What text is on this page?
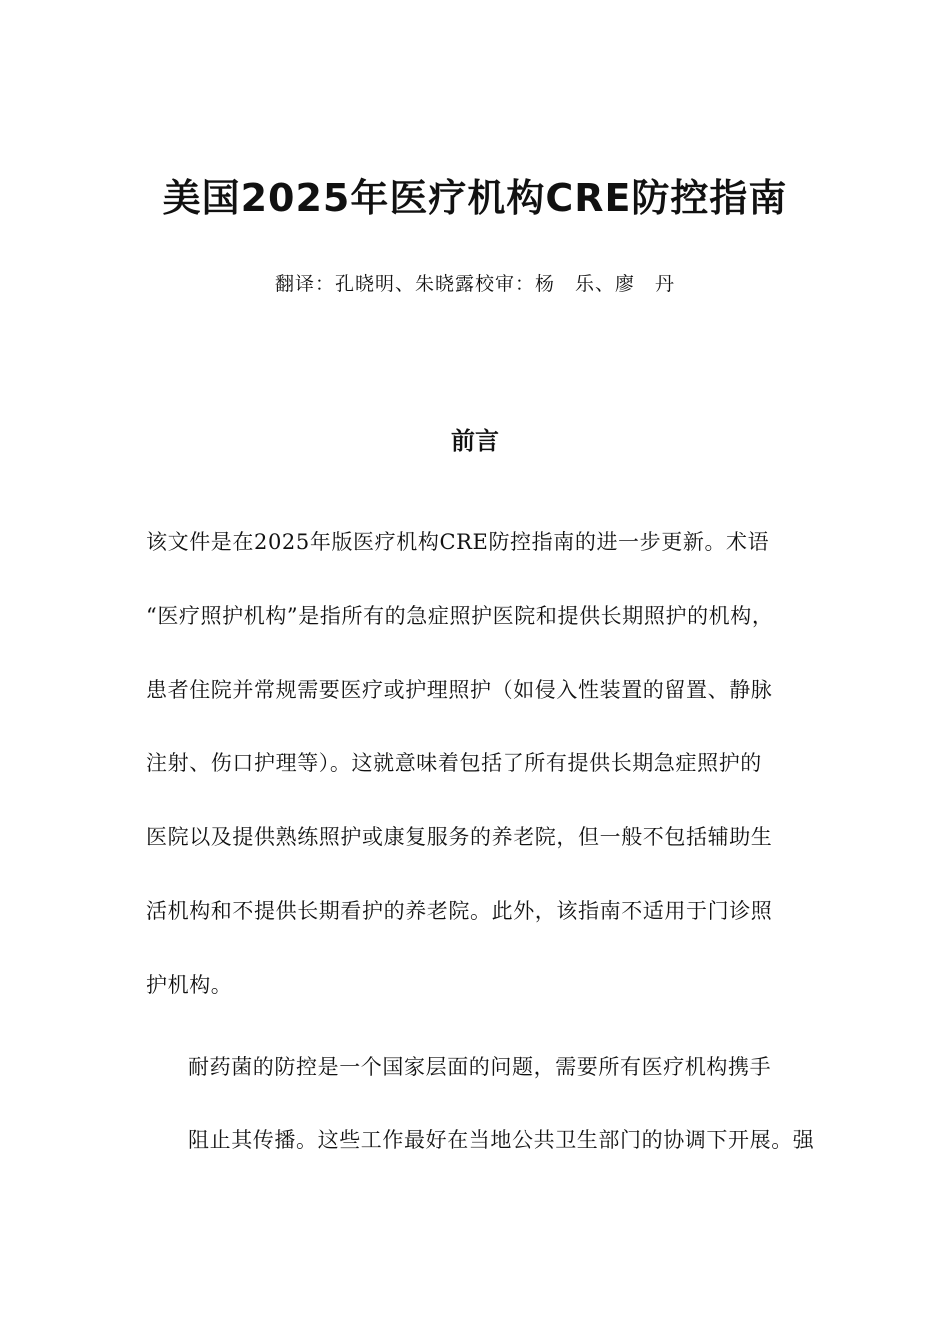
美国2025年医疗机构CRE防控指南
翻译：孔晓明、朱晓露校审：杨　乐、廖　丹
前言

该文件是在2025年版医疗机构CRE防控指南的进一步更新。术语
“医疗照护机构”是指所有的急症照护医院和提供长期照护的机构，
患者住院并常规需要医疗或护理照护（如侵入性装置的留置、静脉
注射、伤口护理等）。这就意味着包括了所有提供长期急症照护的
医院以及提供熟练照护或康复服务的养老院，但一般不包括辅助生
活机构和不提供长期看护的养老院。此外，该指南不适用于门诊照
护机构。

耐药菌的防控是一个国家层面的问题，需要所有医疗机构携手
阻止其传播。这些工作最好在当地公共卫生部门的协调下开展。强
